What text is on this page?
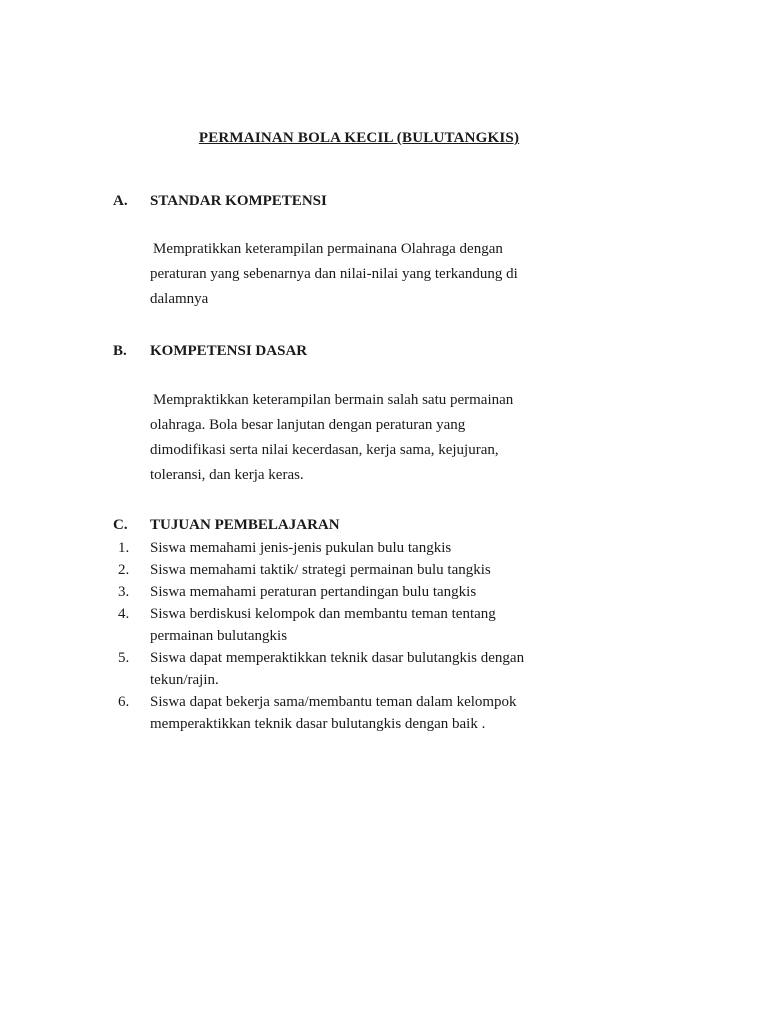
PERMAINAN BOLA KECIL (BULUTANGKIS)
A. STANDAR KOMPETENSI
Mempratikkan keterampilan permainana Olahraga dengan
peraturan yang sebenarnya dan nilai-nilai yang terkandung di
dalamnya
B. KOMPETENSI DASAR
Mempraktikkan keterampilan bermain salah satu permainan
olahraga. Bola besar lanjutan dengan peraturan yang
dimodifikasi serta nilai kecerdasan, kerja sama, kejujuran,
toleransi, dan kerja keras.
C. TUJUAN PEMBELAJARAN
1.	Siswa memahami jenis-jenis pukulan bulu tangkis
2.	Siswa memahami taktik/ strategi permainan bulu tangkis
3.	Siswa memahami peraturan pertandingan bulu tangkis
4.	Siswa berdiskusi kelompok dan membantu teman tentang
permainan bulutangkis
5.	Siswa dapat memperaktikkan teknik dasar bulutangkis dengan
tekun/rajin.
6.	Siswa dapat bekerja sama/membantu teman dalam kelompok
memperaktikkan teknik dasar bulutangkis dengan baik .
